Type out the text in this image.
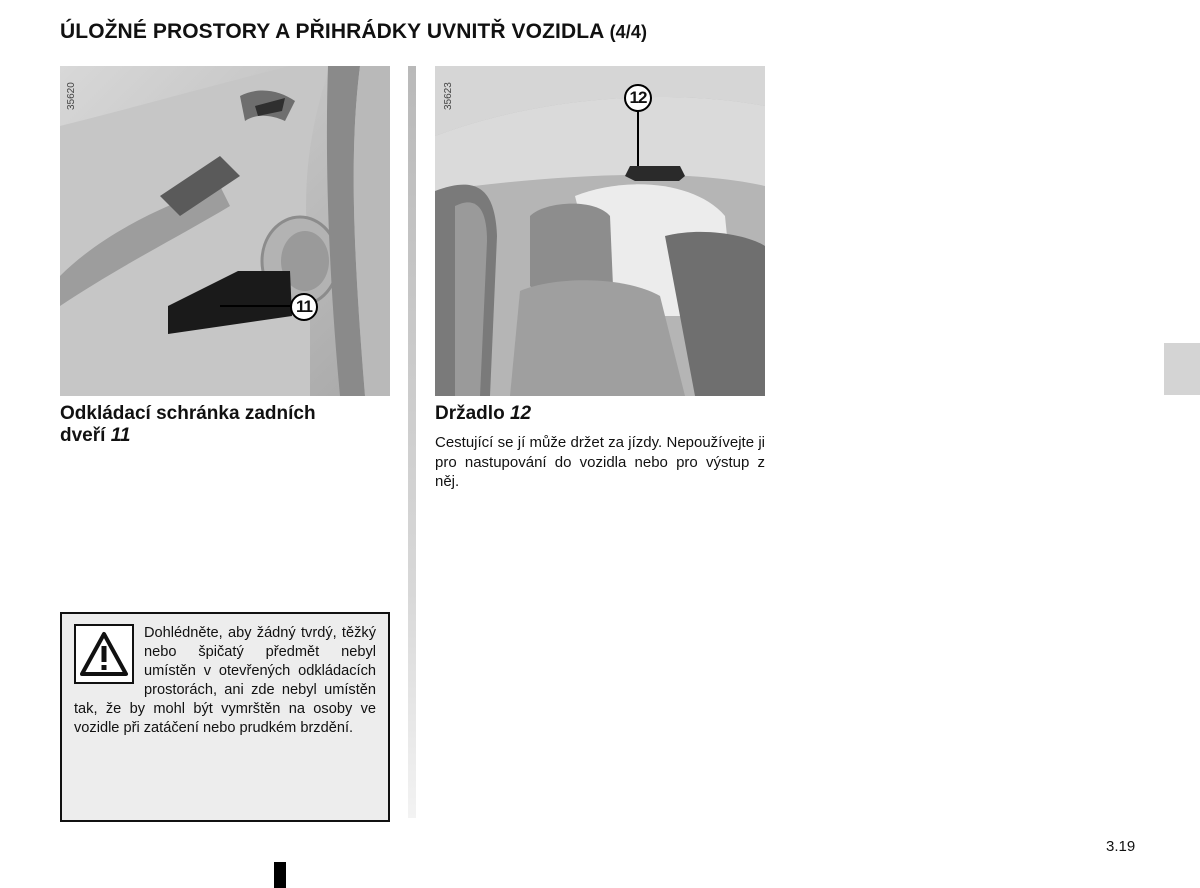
ÚLOŽNÉ PROSTORY A PŘIHRÁDKY UVNITŘ VOZIDLA (4/4)
35620
11
35623	12
Odkládací schránka zadních
dveří 11
Držadlo 12
Cestující se jí může držet za jízdy. Nepoužívejte ji pro nastupování do vozidla nebo pro výstup z něj.
Dohlédněte, aby žádný tvrdý, těžký nebo špičatý předmět nebyl umístěn v otevřených odkládacích prostorách, ani zde nebyl umístěn tak, že by mohl být vymrštěn na osoby ve vozidle při zatáčení nebo prudkém brzdění.
3.19
